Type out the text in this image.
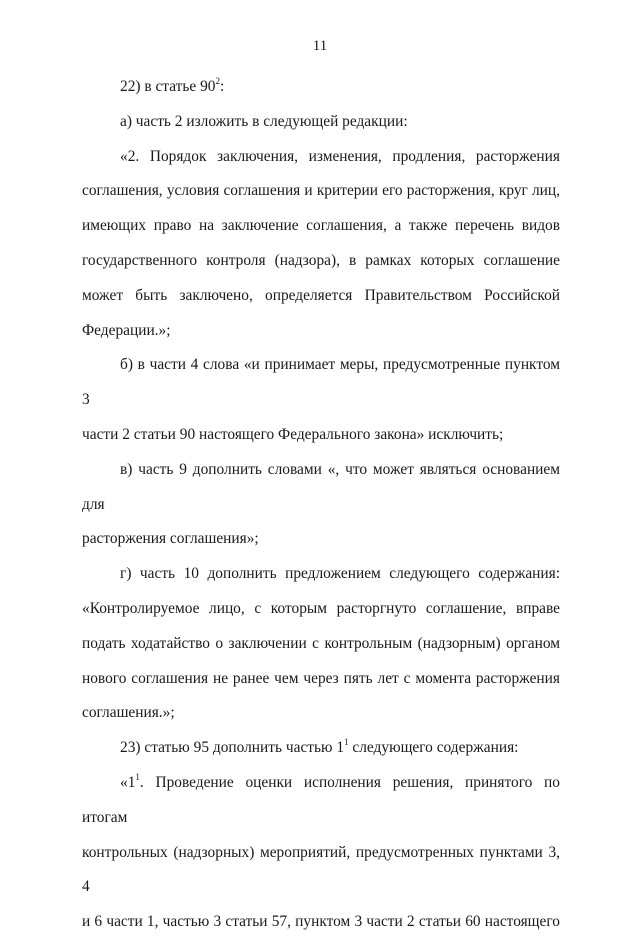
11

22) в статье $90^2$:

а) часть 2 изложить в следующей редакции:

«2. Порядок заключения, изменения, продления, расторжения

соглашения, условия соглашения и критерии его расторжения, круг лиц,

имеющих право на заключение соглашения, а также перечень видов

государственного контроля (надзора), в рамках которых соглашение

может быть заключено, определяется Правительством Российской

Федерации.»;

б) в части 4 слова «и принимает меры, предусмотренные пунктом 3

части 2 статьи 90 настоящего Федерального закона» исключить;

в) часть 9 дополнить словами «, что может являться основанием для

расторжения соглашения»;

г) часть 10 дополнить предложением следующего содержания:

«Контролируемое лицо, с которым расторгнуто соглашение, вправе

подать ходатайство о заключении с контрольным (надзорным) органом

нового соглашения не ранее чем через пять лет с момента расторжения

соглашения.»;

23) статью 95 дополнить частью $1^1$ следующего содержания:

«$1^1$. Проведение оценки исполнения решения, принятого по итогам

контрольных (надзорных) мероприятий, предусмотренных пунктами 3, 4

и 6 части 1, частью 3 статьи 57, пунктом 3 части 2 статьи 60 настоящего
